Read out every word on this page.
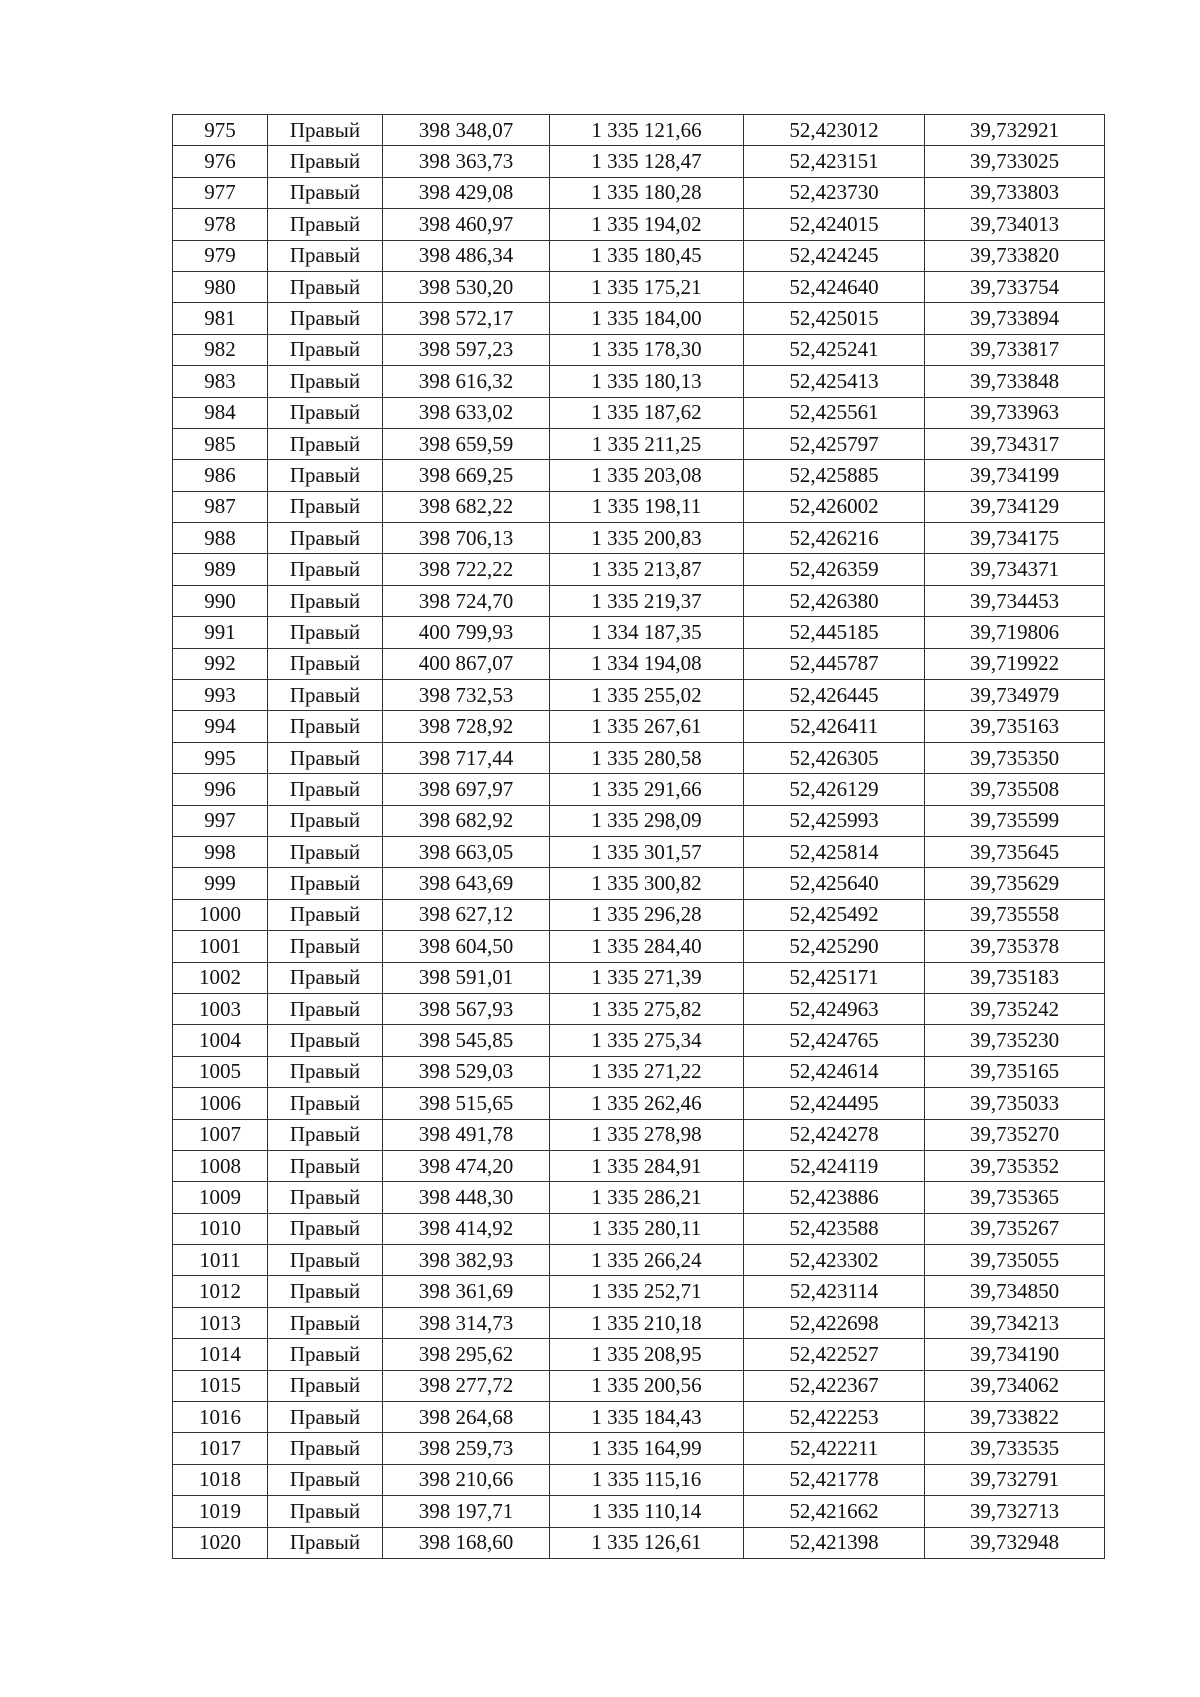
975	Правый	398 348,07	1 335 121,66	52,423012	39,732921
976	Правый	398 363,73	1 335 128,47	52,423151	39,733025
977	Правый	398 429,08	1 335 180,28	52,423730	39,733803
978	Правый	398 460,97	1 335 194,02	52,424015	39,734013
979	Правый	398 486,34	1 335 180,45	52,424245	39,733820
980	Правый	398 530,20	1 335 175,21	52,424640	39,733754
981	Правый	398 572,17	1 335 184,00	52,425015	39,733894
982	Правый	398 597,23	1 335 178,30	52,425241	39,733817
983	Правый	398 616,32	1 335 180,13	52,425413	39,733848
984	Правый	398 633,02	1 335 187,62	52,425561	39,733963
985	Правый	398 659,59	1 335 211,25	52,425797	39,734317
986	Правый	398 669,25	1 335 203,08	52,425885	39,734199
987	Правый	398 682,22	1 335 198,11	52,426002	39,734129
988	Правый	398 706,13	1 335 200,83	52,426216	39,734175
989	Правый	398 722,22	1 335 213,87	52,426359	39,734371
990	Правый	398 724,70	1 335 219,37	52,426380	39,734453
991	Правый	400 799,93	1 334 187,35	52,445185	39,719806
992	Правый	400 867,07	1 334 194,08	52,445787	39,719922
993	Правый	398 732,53	1 335 255,02	52,426445	39,734979
994	Правый	398 728,92	1 335 267,61	52,426411	39,735163
995	Правый	398 717,44	1 335 280,58	52,426305	39,735350
996	Правый	398 697,97	1 335 291,66	52,426129	39,735508
997	Правый	398 682,92	1 335 298,09	52,425993	39,735599
998	Правый	398 663,05	1 335 301,57	52,425814	39,735645
999	Правый	398 643,69	1 335 300,82	52,425640	39,735629
1000	Правый	398 627,12	1 335 296,28	52,425492	39,735558
1001	Правый	398 604,50	1 335 284,40	52,425290	39,735378
1002	Правый	398 591,01	1 335 271,39	52,425171	39,735183
1003	Правый	398 567,93	1 335 275,82	52,424963	39,735242
1004	Правый	398 545,85	1 335 275,34	52,424765	39,735230
1005	Правый	398 529,03	1 335 271,22	52,424614	39,735165
1006	Правый	398 515,65	1 335 262,46	52,424495	39,735033
1007	Правый	398 491,78	1 335 278,98	52,424278	39,735270
1008	Правый	398 474,20	1 335 284,91	52,424119	39,735352
1009	Правый	398 448,30	1 335 286,21	52,423886	39,735365
1010	Правый	398 414,92	1 335 280,11	52,423588	39,735267
1011	Правый	398 382,93	1 335 266,24	52,423302	39,735055
1012	Правый	398 361,69	1 335 252,71	52,423114	39,734850
1013	Правый	398 314,73	1 335 210,18	52,422698	39,734213
1014	Правый	398 295,62	1 335 208,95	52,422527	39,734190
1015	Правый	398 277,72	1 335 200,56	52,422367	39,734062
1016	Правый	398 264,68	1 335 184,43	52,422253	39,733822
1017	Правый	398 259,73	1 335 164,99	52,422211	39,733535
1018	Правый	398 210,66	1 335 115,16	52,421778	39,732791
1019	Правый	398 197,71	1 335 110,14	52,421662	39,732713
1020	Правый	398 168,60	1 335 126,61	52,421398	39,732948
